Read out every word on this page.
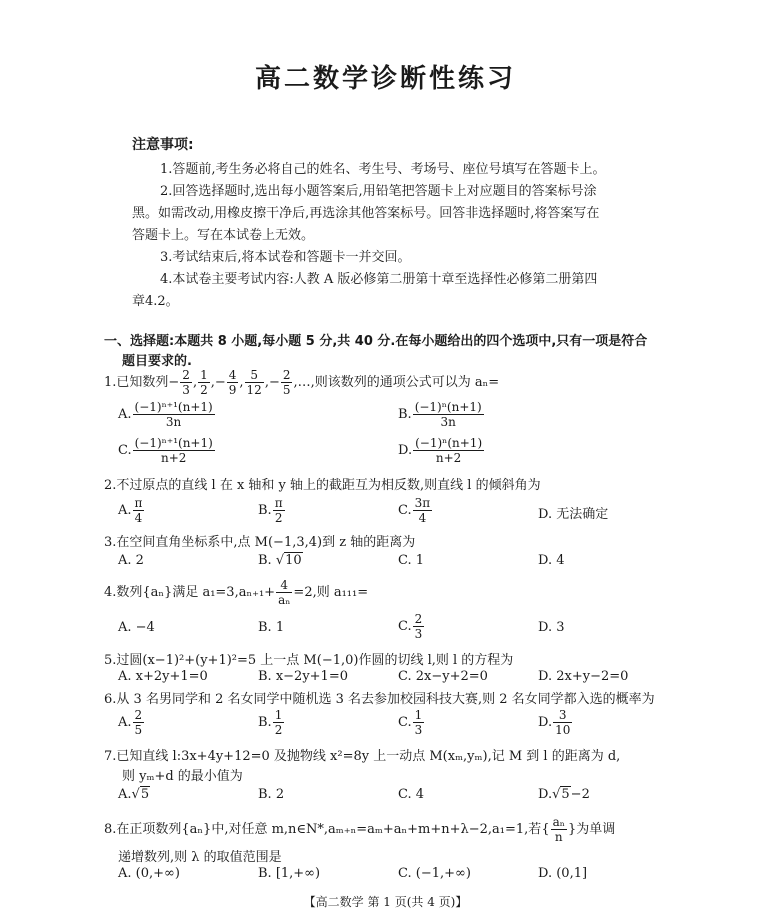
高二数学诊断性练习
注意事项:
1.答题前,考生务必将自己的姓名、考生号、考场号、座位号填写在答题卡上。
2.回答选择题时,选出每小题答案后,用铅笔把答题卡上对应题目的答案标号涂
黑。如需改动,用橡皮擦干净后,再选涂其他答案标号。回答非选择题时,将答案写在
答题卡上。写在本试卷上无效。
3.考试结束后,将本试卷和答题卡一并交回。
4.本试卷主要考试内容:人教 A 版必修第二册第十章至选择性必修第二册第四
章4.2。
一、选择题:本题共 8 小题,每小题 5 分,共 40 分.在每小题给出的四个选项中,只有一项是符合
题目要求的.
1.已知数列− $\frac{2}{3}$ , $\frac{1}{2}$ ,− $\frac{4}{9}$ , $\frac{5}{12}$ ,− $\frac{2}{5}$ ,…,则该数列的通项公式可以为 aₙ=
A. $\frac{\text{(−1)ⁿ⁺¹(n+1)}}{3n}$	B. $\frac{\text{(−1)ⁿ(n+1)}}{3n}$
C. $\frac{\text{(−1)ⁿ⁺¹(n+1)}}{n+2}$	D. $\frac{\text{(−1)ⁿ(n+1)}}{n+2}$
2.不过原点的直线 l 在 x 轴和 y 轴上的截距互为相反数,则直线 l 的倾斜角为
A. $\frac{\pi}{4}$	B. $\frac{\pi}{2}$	C. $\frac{3\pi}{4}$	D. 无法确定
3.在空间直角坐标系中,点 M(−1,3,4)到 z 轴的距离为
A. 2	B. √10	C. 1	D. 4
4.数列{aₙ}满足 $a_1=3,a_{n+1}+ \frac{4}{\text{aₙ}} =2$,则 a₁₁₁=
A. −4	B. 1	C. $\frac{2}{3}$	D. 3
5.过圆(x−1)²+(y+1)²=5 上一点 M(−1,0)作圆的切线 l,则 l 的方程为
A. x+2y+1=0	B. x−2y+1=0	C. 2x−y+2=0	D. 2x+y−2=0
6.从 3 名男同学和 2 名女同学中随机选 3 名去参加校园科技大赛,则 2 名女同学都入选的概率为
A. $\frac{2}{5}$	B. $\frac{1}{2}$	C. $\frac{1}{3}$	D. $\frac{3}{10}$
7.已知直线 l:3x+4y+12=0 及抛物线 x²=8y 上一动点 M(xₘ,yₘ),记 M 到 l 的距离为 d,
则 yₘ+d 的最小值为
A.√5	B. 2	C. 4	D.√5−2
8.在正项数列{aₙ}中,对任意 m,n∈N*,aₘ₊ₙ=aₘ+aₙ+m+n+λ−2,a₁=1,若{ $\frac{\text{aₙ}}{n}$ }为单调
递增数列,则 λ 的取值范围是
A. (0,+∞)	B. [1,+∞)	C. (−1,+∞)	D. (0,1]
【高二数学 第 1 页(共 4 页)】
